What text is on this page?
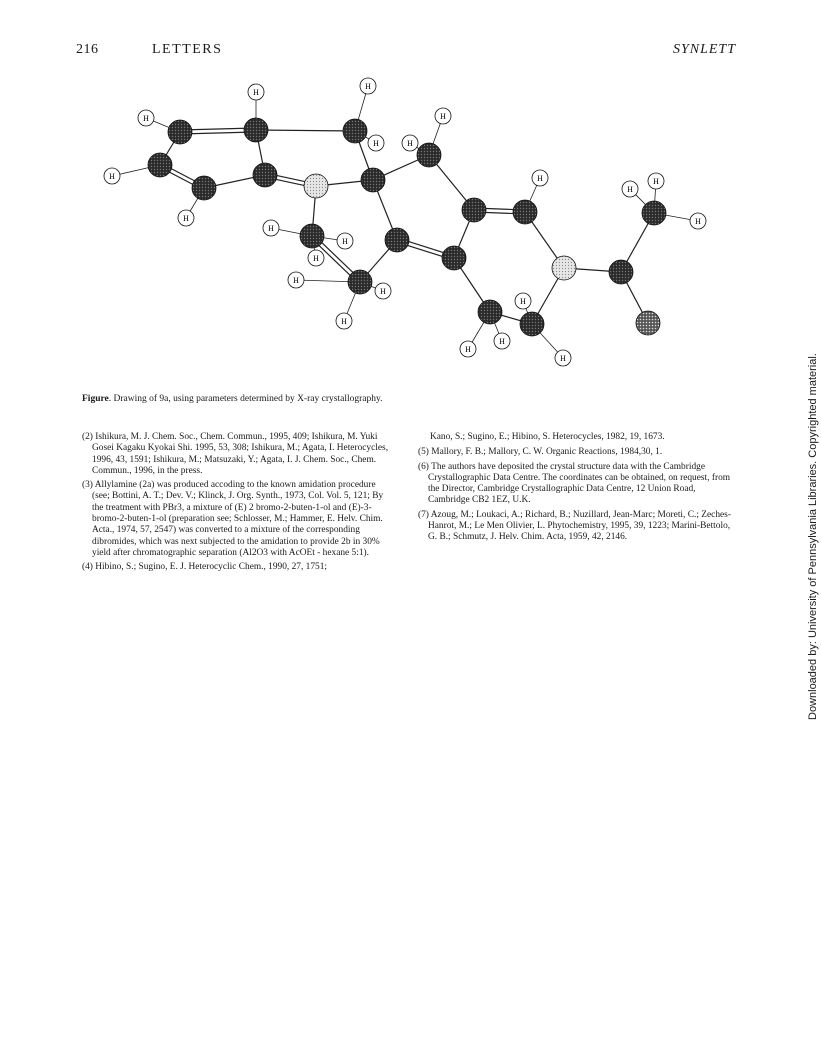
216	LETTERS	SYNLETT
H
H
H
H
H
H	H
H
H
H
H
H
H
H
H
H
H
H
H
H
H
H
Figure. Drawing of 9a, using parameters determined by X-ray crystallography.

(2) Ishikura, M. J. Chem. Soc., Chem. Commun., 1995, 409; Ishikura, M. Yuki Gosei Kagaku Kyokai Shi. 1995, 53, 308; Ishikura, M.; Agata, I. Heterocycles, 1996, 43, 1591; Ishikura, M.; Matsuzaki, Y.; Agata, I. J. Chem. Soc., Chem. Commun., 1996, in the press.

(3) Allylamine (2a) was produced accoding to the known amidation procedure (see; Bottini, A. T.; Dev. V.; Klinck, J. Org. Synth., 1973, Col. Vol. 5, 121; By the treatment with PBr3, a mixture of (E) 2 bromo-2-buten-1-ol and (E)-3-bromo-2-buten-1-ol (preparation see; Schlosser, M.; Hammer, E. Helv. Chim. Acta., 1974, 57, 2547) was converted to a mixture of the corresponding dibromides, which was next subjected to the amidation to provide 2b in 30% yield after chromatographic separation (Al2O3 with AcOEt - hexane 5:1).

(4) Hibino, S.; Sugino, E. J. Heterocyclic Chem., 1990, 27, 1751;

Kano, S.; Sugino, E.; Hibino, S. Heterocycles, 1982, 19, 1673.

(5) Mallory, F. B.; Mallory, C. W. Organic Reactions, 1984,30, 1.

(6) The authors have deposited the crystal structure data with the Cambridge Crystallographic Data Centre. The coordinates can be obtained, on request, from the Director, Cambridge Crystallographic Data Centre, 12 Union Road, Cambridge CB2 1EZ, U.K.

(7) Azoug, M.; Loukaci, A.; Richard, B.; Nuzillard, Jean-Marc; Moreti, C.; Zeches-Hanrot, M.; Le Men Olivier, L. Phytochemistry, 1995, 39, 1223; Marini-Bettolo, G. B.; Schmutz, J. Helv. Chim. Acta, 1959, 42, 2146.	Downloaded by: University of Pennsylvania Libraries. Copyrighted material.
